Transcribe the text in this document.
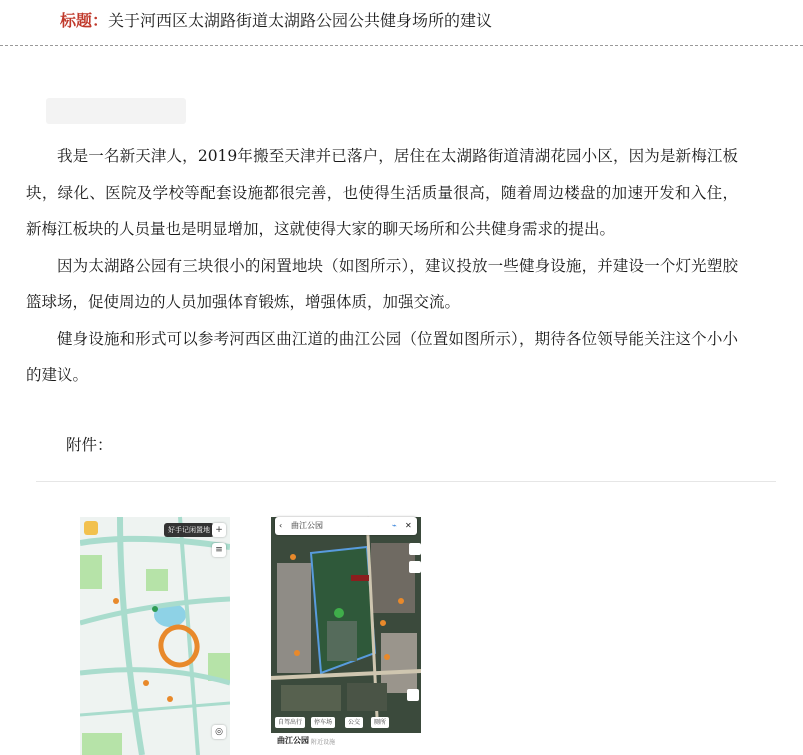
标题：关于河西区太湖路街道太湖路公园公共健身场所的建议

我是一名新天津人，2019年搬至天津并已落户，居住在太湖路街道清湖花园小区，因为是新梅江板块，绿化、医院及学校等配套设施都很完善，也使得生活质量很高，随着周边楼盘的加速开发和入住，新梅江板块的人员量也是明显增加，这就使得大家的聊天场所和公共健身需求的提出。

因为太湖路公园有三块很小的闲置地块（如图所示），建议投放一些健身设施，并建设一个灯光塑胶篮球场，促使周边的人员加强体育锻炼，增强体质，加强交流。

健身设施和形式可以参考河西区曲江道的曲江公园（位置如图所示），期待各位领导能关注这个小小的建议。

附件：
好手记闲置地 +
≡
◎
‹ 曲江公园	⌁ ✕
自驾出行	停车场	公交	厕所
曲江公园 附近设施
